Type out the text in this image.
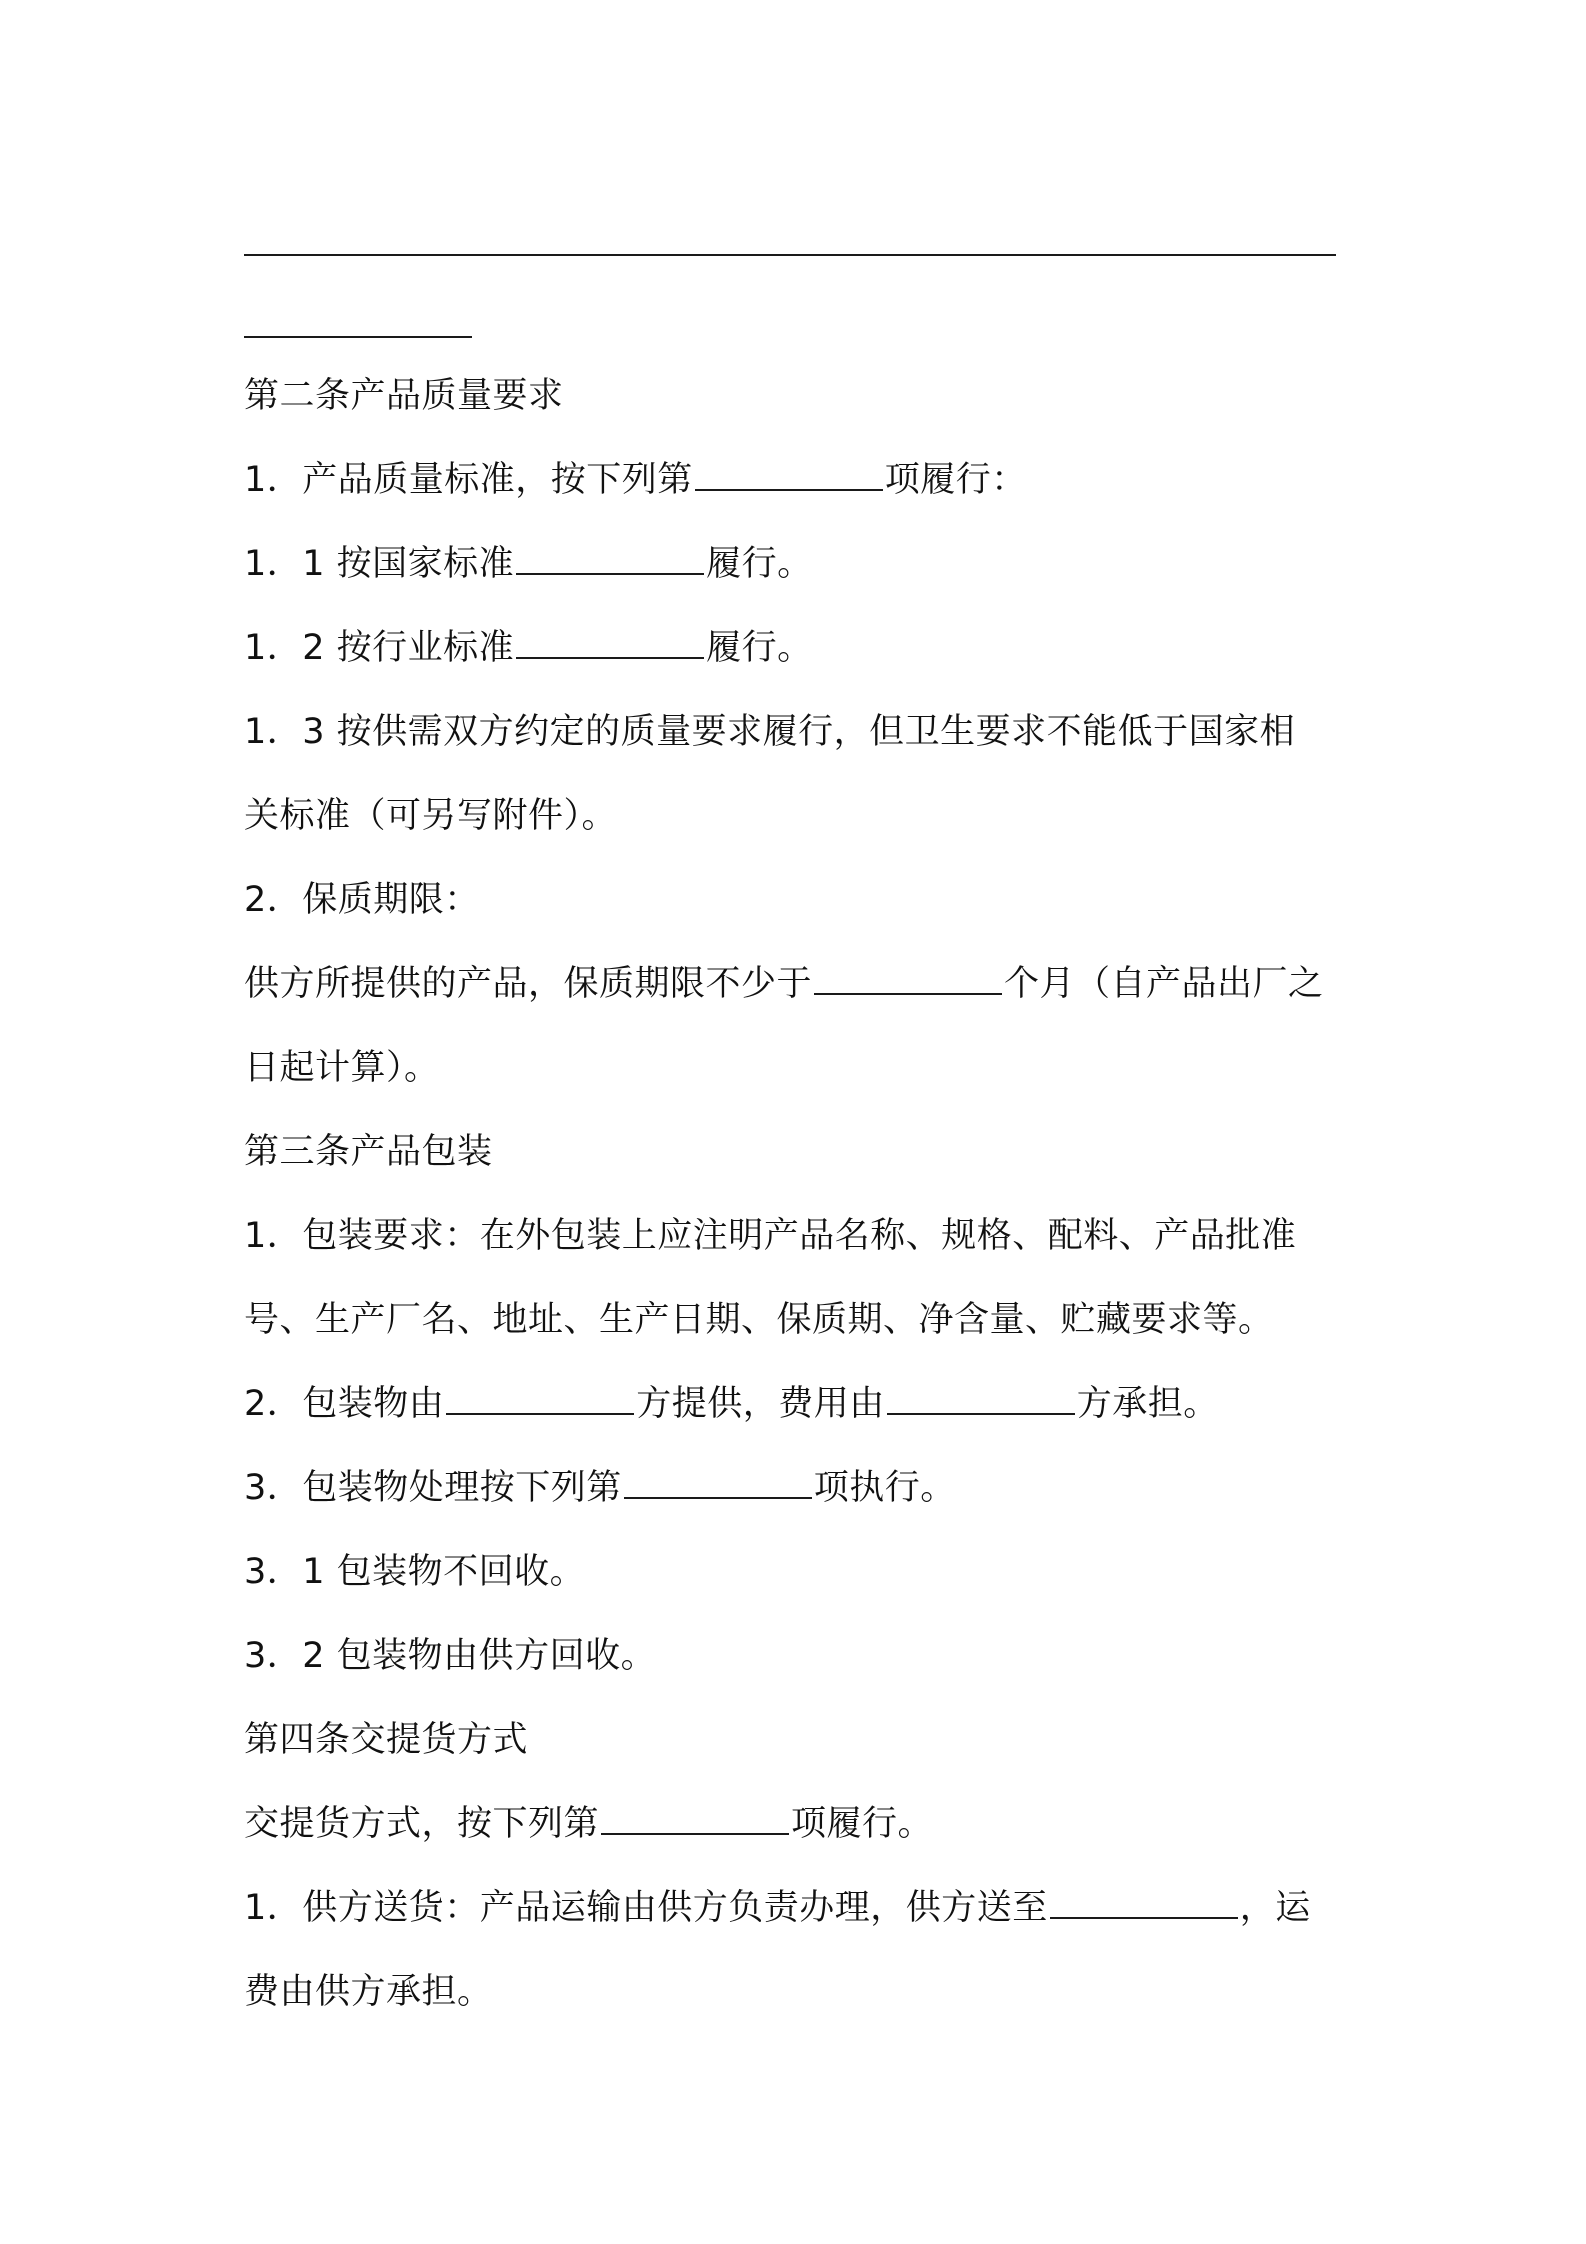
第二条产品质量要求
1．产品质量标准，按下列第	项履行：
1．1 按国家标准	履行。
1．2 按行业标准	履行。
1．3 按供需双方约定的质量要求履行，但卫生要求不能低于国家相
关标准（可另写附件）。
2．保质期限：
供方所提供的产品，保质期限不少于	个月（自产品出厂之
日起计算）。
第三条产品包装
1．包装要求：在外包装上应注明产品名称、规格、配料、产品批准
号、生产厂名、地址、生产日期、保质期、净含量、贮藏要求等。
2．包装物由	方提供，费用由	方承担。
3．包装物处理按下列第	项执行。
3．1 包装物不回收。
3．2 包装物由供方回收。
第四条交提货方式
交提货方式，按下列第	项履行。
1．供方送货：产品运输由供方负责办理，供方送至	，运
费由供方承担。
